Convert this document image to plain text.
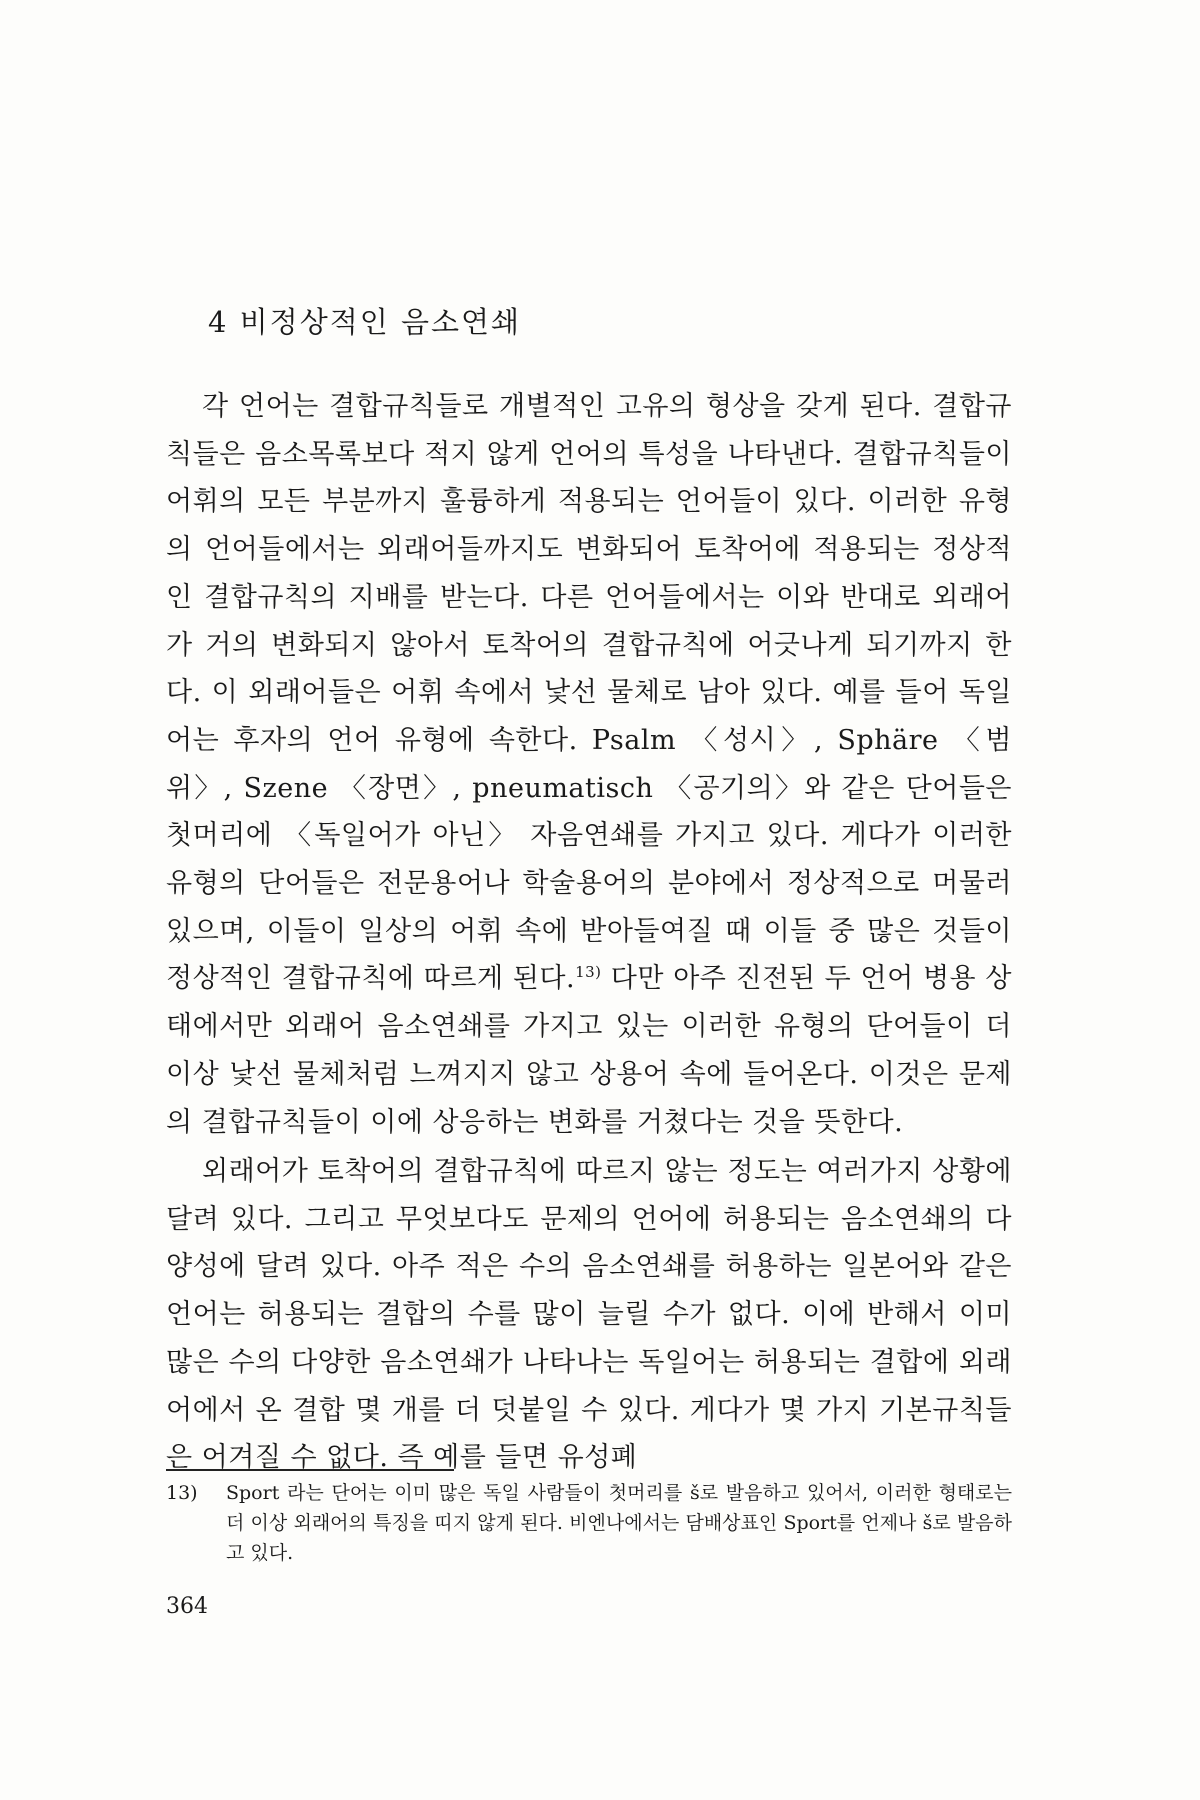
4 비정상적인 음소연쇄

각 언어는 결합규칙들로 개별적인 고유의 형상을 갖게 된다. 결합규칙들은 음소목록보다 적지 않게 언어의 특성을 나타낸다. 결합규칙들이 어휘의 모든 부분까지 훌륭하게 적용되는 언어들이 있다. 이러한 유형의 언어들에서는 외래어들까지도 변화되어 토착어에 적용되는 정상적인 결합규칙의 지배를 받는다. 다른 언어들에서는 이와 반대로 외래어가 거의 변화되지 않아서 토착어의 결합규칙에 어긋나게 되기까지 한다. 이 외래어들은 어휘 속에서 낯선 물체로 남아 있다. 예를 들어 독일어는 후자의 언어 유형에 속한다. Psalm 〈성시〉, Sphäre 〈범위〉, Szene 〈장면〉, pneumatisch 〈공기의〉와 같은 단어들은 첫머리에 〈독일어가 아닌〉 자음연쇄를 가지고 있다. 게다가 이러한 유형의 단어들은 전문용어나 학술용어의 분야에서 정상적으로 머물러 있으며, 이들이 일상의 어휘 속에 받아들여질 때 이들 중 많은 것들이 정상적인 결합규칙에 따르게 된다.$^{13)}$ 다만 아주 진전된 두 언어 병용 상태에서만 외래어 음소연쇄를 가지고 있는 이러한 유형의 단어들이 더 이상 낯선 물체처럼 느껴지지 않고 상용어 속에 들어온다. 이것은 문제의 결합규칙들이 이에 상응하는 변화를 거쳤다는 것을 뜻한다.

외래어가 토착어의 결합규칙에 따르지 않는 정도는 여러가지 상황에 달려 있다. 그리고 무엇보다도 문제의 언어에 허용되는 음소연쇄의 다양성에 달려 있다. 아주 적은 수의 음소연쇄를 허용하는 일본어와 같은 언어는 허용되는 결합의 수를 많이 늘릴 수가 없다. 이에 반해서 이미 많은 수의 다양한 음소연쇄가 나타나는 독일어는 허용되는 결합에 외래어에서 온 결합 몇 개를 더 덧붙일 수 있다. 게다가 몇 가지 기본규칙들은 어겨질 수 없다. 즉 예를 들면 유성폐

13) Sport 라는 단어는 이미 많은 독일 사람들이 첫머리를 š로 발음하고 있어서, 이러한 형태로는 더 이상 외래어의 특징을 띠지 않게 된다. 비엔나에서는 담배상표인 Sport를 언제나 š로 발음하고 있다.

364
